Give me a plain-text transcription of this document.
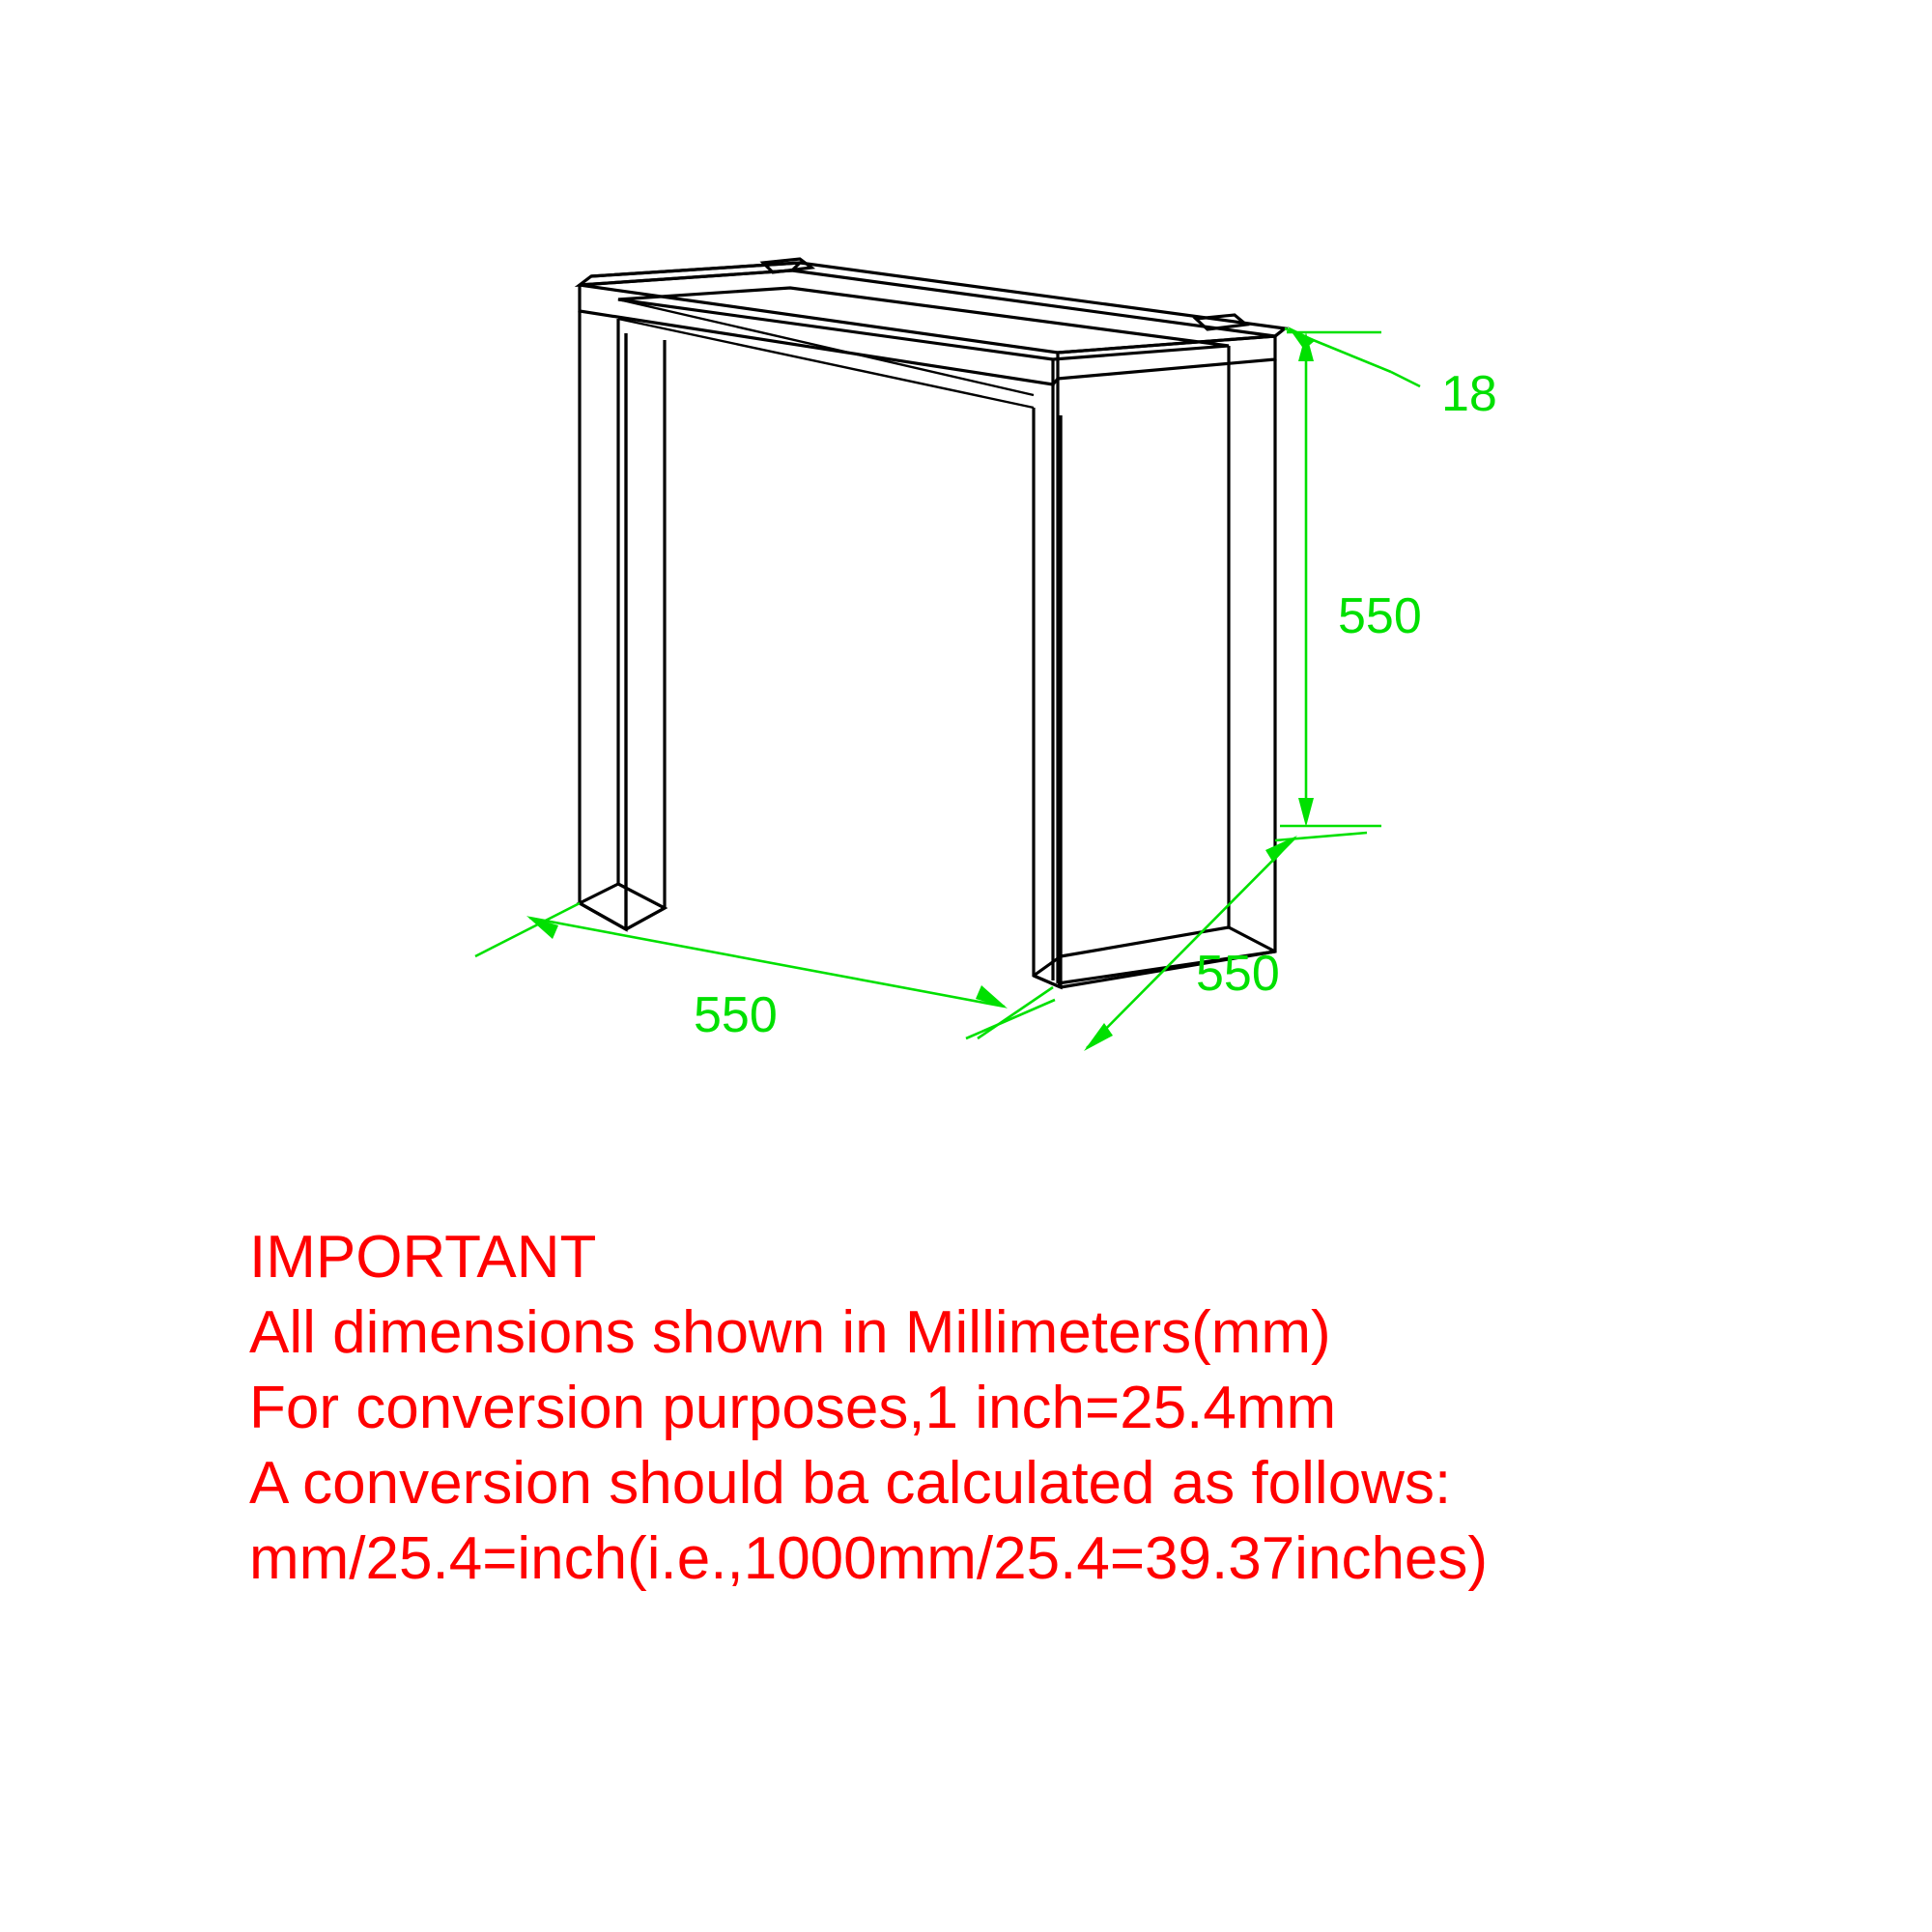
18
550
550
550
IMPORTANT
All dimensions shown in Millimeters(mm)
For conversion purposes,1 inch=25.4mm
A conversion should ba calculated as follows:
mm/25.4=inch(i.e.,1000mm/25.4=39.37inches)
